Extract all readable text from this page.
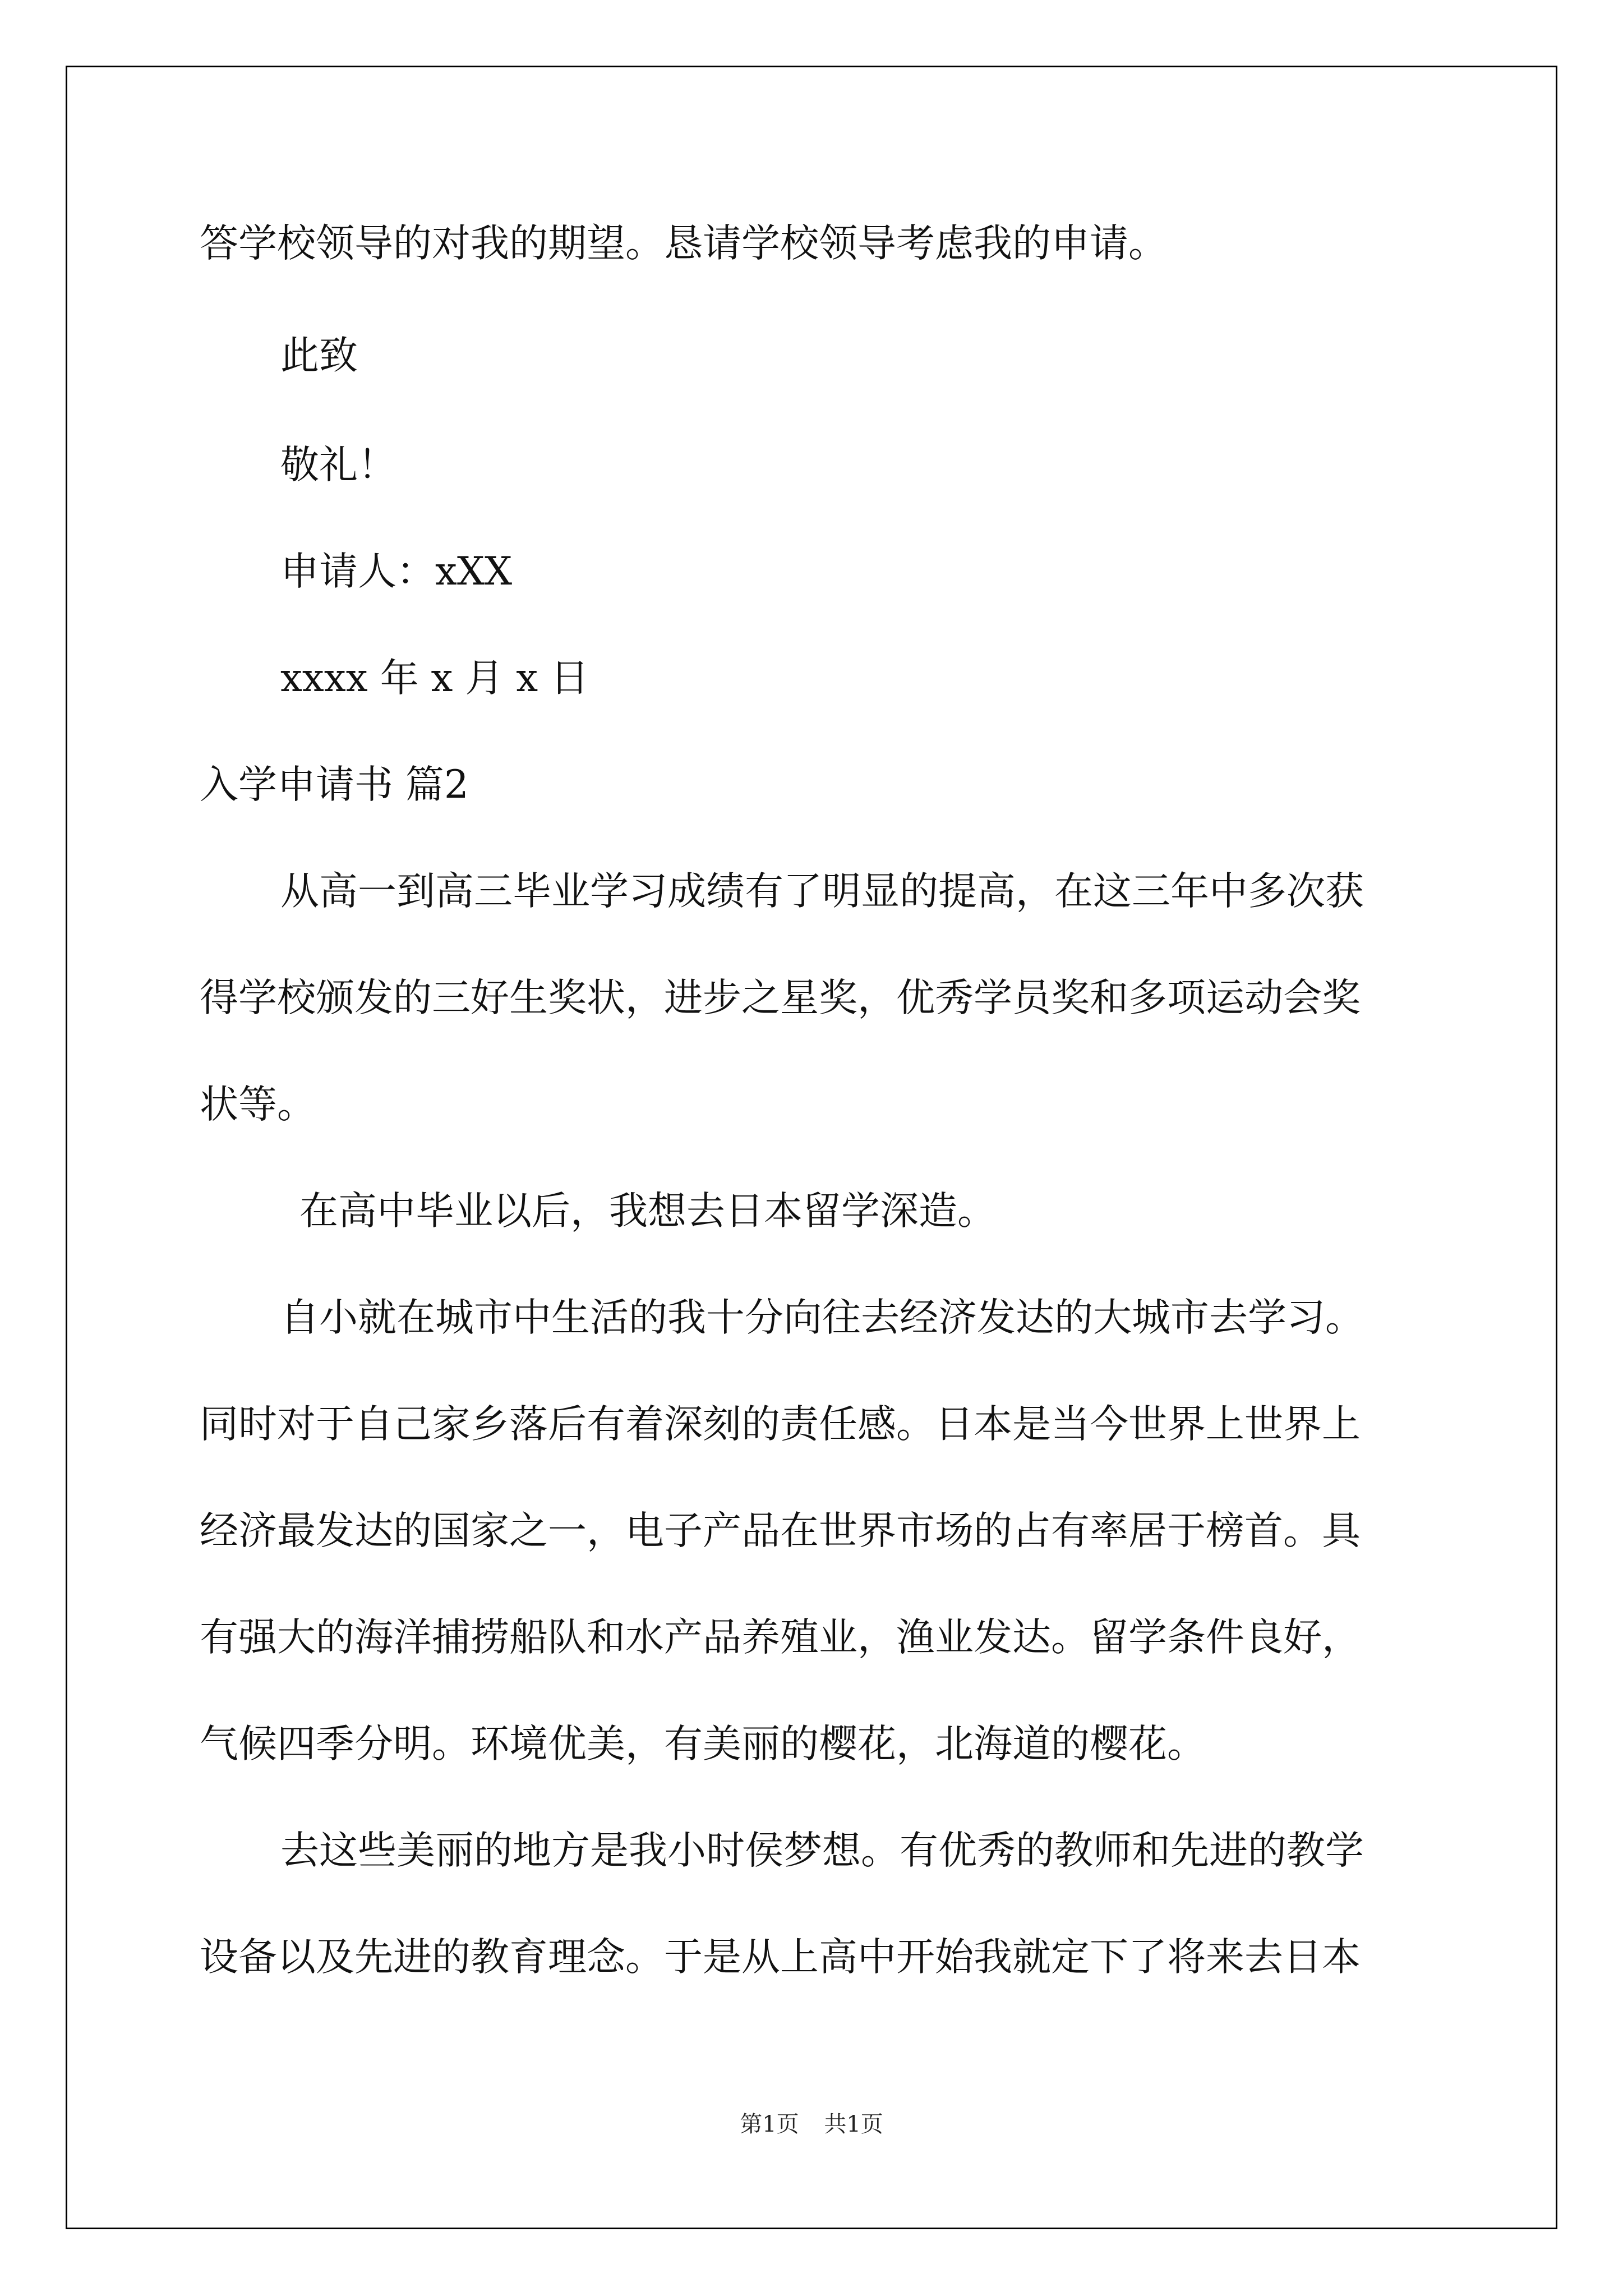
答学校领导的对我的期望。恳请学校领导考虑我的申请。
此致
敬礼！
申请人：xXX
xxxx 年 x 月 x 日
入学申请书 篇2
从高一到高三毕业学习成绩有了明显的提高，在这三年中多次获
得学校颁发的三好生奖状，进步之星奖，优秀学员奖和多项运动会奖
状等。
在高中毕业以后，我想去日本留学深造。
自小就在城市中生活的我十分向往去经济发达的大城市去学习。
同时对于自己家乡落后有着深刻的责任感。日本是当今世界上世界上
经济最发达的国家之一，电子产品在世界市场的占有率居于榜首。具
有强大的海洋捕捞船队和水产品养殖业，渔业发达。留学条件良好，
气候四季分明。环境优美，有美丽的樱花，北海道的樱花。
去这些美丽的地方是我小时侯梦想。有优秀的教师和先进的教学
设备以及先进的教育理念。于是从上高中开始我就定下了将来去日本
第1页 共1页
